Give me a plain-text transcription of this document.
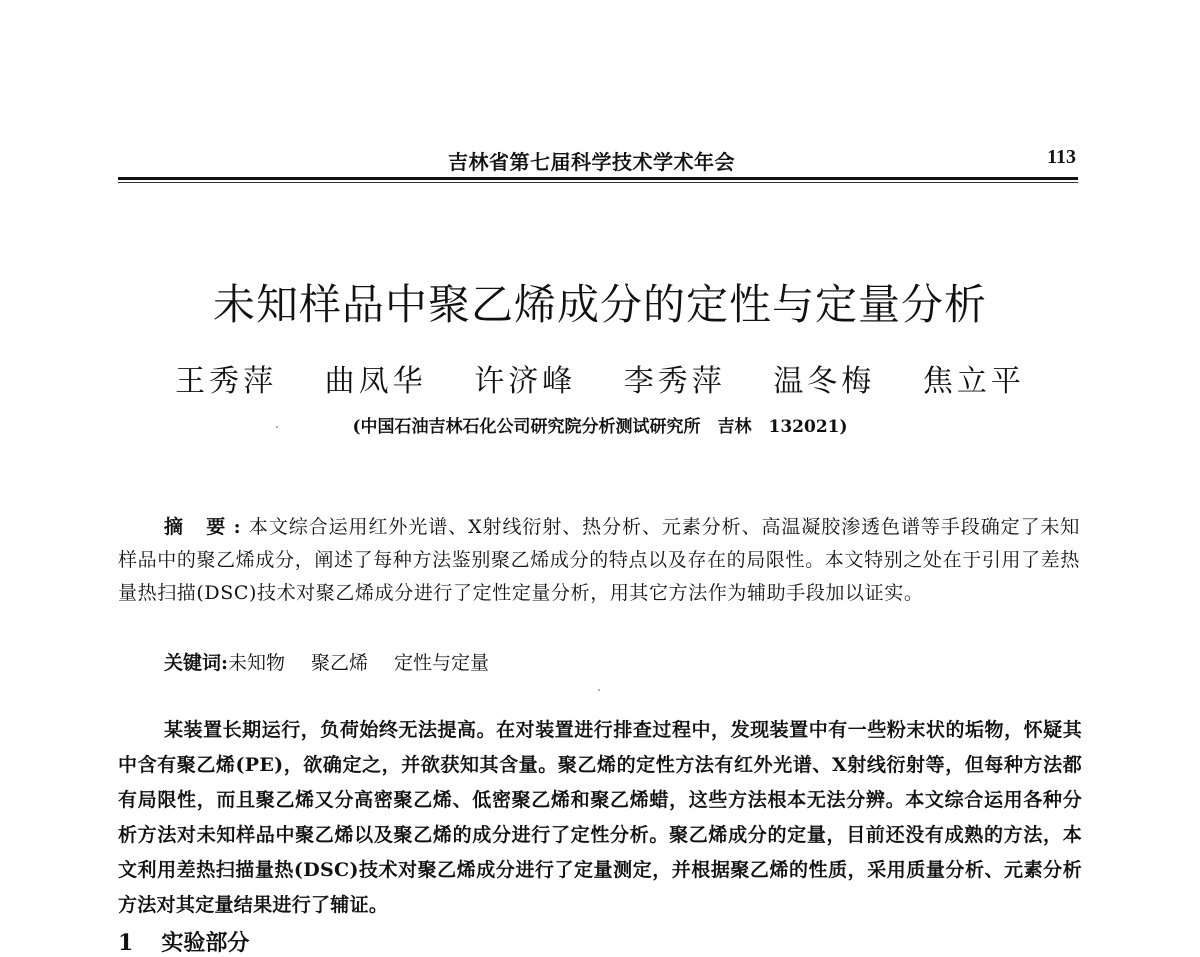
吉林省第七届科学技术学术年会	113
未知样品中聚乙烯成分的定性与定量分析
王秀萍 曲凤华 许济峰 李秀萍 温冬梅 焦立平
(中国石油吉林石化公司研究院分析测试研究所　吉林　132021)
摘 要:本文综合运用红外光谱、X射线衍射、热分析、元素分析、高温凝胶渗透色谱等手段确定了未知样品中的聚乙烯成分，阐述了每种方法鉴别聚乙烯成分的特点以及存在的局限性。本文特别之处在于引用了差热量热扫描(DSC)技术对聚乙烯成分进行了定性定量分析，用其它方法作为辅助手段加以证实。
关键词:未知物 聚乙烯 定性与定量
某装置长期运行，负荷始终无法提高。在对装置进行排查过程中，发现装置中有一些粉末状的垢物，怀疑其中含有聚乙烯(PE)，欲确定之，并欲获知其含量。聚乙烯的定性方法有红外光谱、X射线衍射等，但每种方法都有局限性，而且聚乙烯又分高密聚乙烯、低密聚乙烯和聚乙烯蜡，这些方法根本无法分辨。本文综合运用各种分析方法对未知样品中聚乙烯以及聚乙烯的成分进行了定性分析。聚乙烯成分的定量，目前还没有成熟的方法，本文利用差热扫描量热(DSC)技术对聚乙烯成分进行了定量测定，并根据聚乙烯的性质，采用质量分析、元素分析方法对其定量结果进行了辅证。
1 实验部分
